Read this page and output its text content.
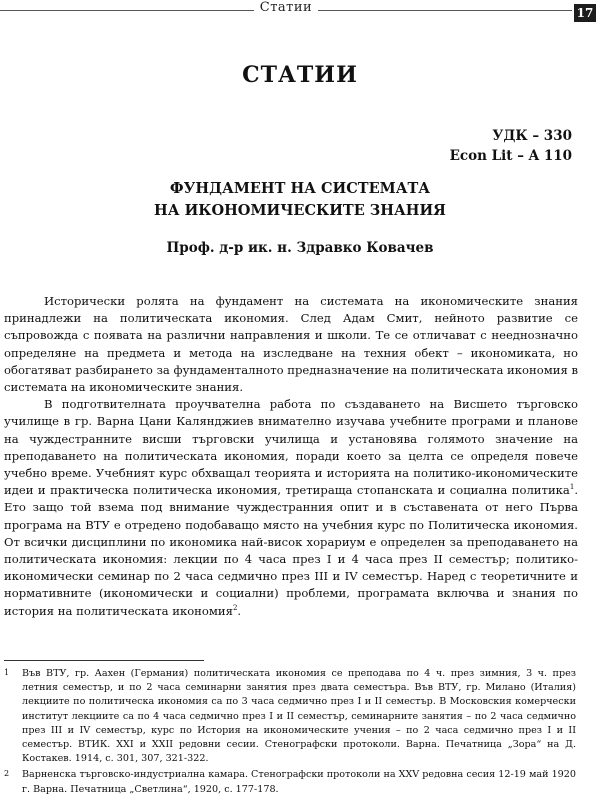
Статии	17
СТАТИИ
УДК – 330
Econ Lit – A 110
ФУНДАМЕНТ НА СИСТЕМАТА
НА ИКОНОМИЧЕСКИТЕ ЗНАНИЯ
Проф. д-р ик. н. Здравко Ковачев

Исторически ролята на фундамент на системата на икономическите знания принадлежи на политическата икономия. След Адам Смит, нейното развитие се съпровожда с появата на различни направления и школи. Те се отличават с нееднозначно определяне на предмета и метода на изследване на техния обект – икономиката, но обогатяват разбирането за фундаменталното предназначение на политическата икономия в системата на икономическите знания.

В подготвителната проучвателна работа по създаването на Висшето търговско училище в гр. Варна Цани Калянджиев внимателно изучава учебните програми и планове на чуждестранните висши търговски училища и установява голямото значение на преподаването на политическата икономия, поради което за целта се определя повече учебно време. Учебният курс обхващал теорията и историята на политико-икономическите идеи и практическа политическа икономия, третираща стопанската и социална политика$^1$. Ето защо той взема под внимание чуждестранния опит и в съставената от него Първа програма на ВТУ е отредено подобаващо място на учебния курс по Политическа икономия. От всички дисциплини по икономика най-висок хорариум е определен за преподаването на политическата икономия: лекции по 4 часа през I и 4 часа през II семестър; политико-икономически семинар по 2 часа седмично през III и IV семестър. Наред с теоретичните и нормативните (икономически и социални) проблеми, програмата включва и знания по история на политическата икономия$^2$.

1	Във ВТУ, гр. Аахен (Германия) политическата икономия се преподава по 4 ч. през зимния, 3 ч. през летния семестър, и по 2 часа семинарни занятия през двата семестъра. Във ВТУ, гр. Милано (Италия) лекциите по политическа икономия са по 3 часа седмично през I и II семестър. В Московския комерчески институт лекциите са по 4 часа седмично през I и II семестър, семинарните занятия – по 2 часа седмично през III и IV семестър, курс по История на икономическите учения – по 2 часа седмично през I и II семестър. ВТИК. XXI и XXII редовни сесии. Стенографски протоколи. Варна. Печатница „Зора“ на Д. Костакев. 1914, с. 301, 307, 321-322.
2	Варненска търговско-индустриална камара. Стенографски протоколи на XXV редовна сесия 12-19 май 1920 г. Варна. Печатница „Светлина“, 1920, с. 177-178.
